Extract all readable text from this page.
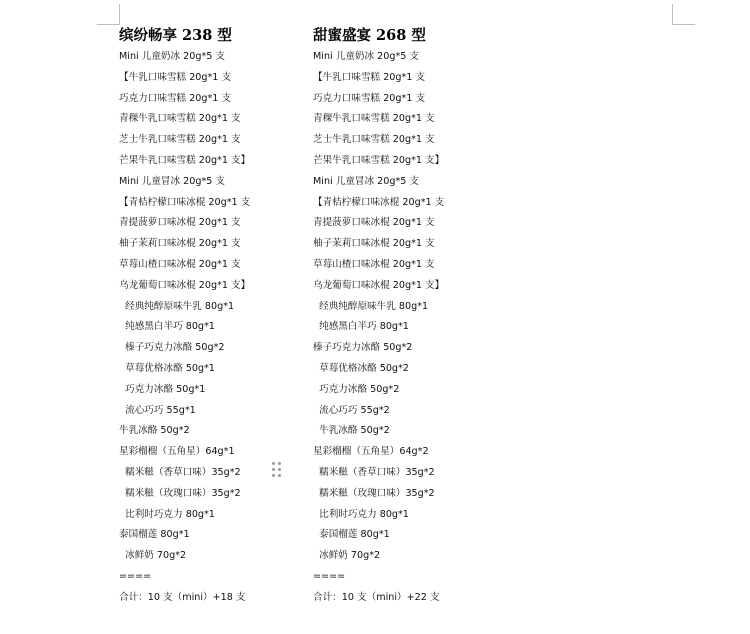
缤纷畅享 238 型
Mini 儿童奶冰 20g*5 支
【牛乳口味雪糕 20g*1 支
巧克力口味雪糕 20g*1 支
青稞牛乳口味雪糕 20g*1 支
芝士牛乳口味雪糕 20g*1 支
芒果牛乳口味雪糕 20g*1 支】
Mini 儿童冒冰 20g*5 支
【青桔柠檬口味冰棍 20g*1 支
青提菠萝口味冰棍 20g*1 支
柚子茉莉口味冰棍 20g*1 支
草莓山楂口味冰棍 20g*1 支
乌龙葡萄口味冰棍 20g*1 支】
经典纯醇原味牛乳 80g*1
纯感黑白半巧 80g*1
榛子巧克力冰酪 50g*2
草莓优格冰酪 50g*1
巧克力冰酪 50g*1
流心巧巧 55g*1
牛乳冰酪 50g*2
星彩榴榴（五角星）64g*1
糯米糍（香草口味）35g*2
糯米糍（玫瑰口味）35g*2
比利时巧克力 80g*1
泰国榴莲 80g*1
冰鲜奶 70g*2
====
合计：10 支（mini）+18 支
甜蜜盛宴 268 型
Mini 儿童奶冰 20g*5 支
【牛乳口味雪糕 20g*1 支
巧克力口味雪糕 20g*1 支
青稞牛乳口味雪糕 20g*1 支
芝士牛乳口味雪糕 20g*1 支
芒果牛乳口味雪糕 20g*1 支】
Mini 儿童冒冰 20g*5 支
【青桔柠檬口味冰棍 20g*1 支
青提菠萝口味冰棍 20g*1 支
柚子茉莉口味冰棍 20g*1 支
草莓山楂口味冰棍 20g*1 支
乌龙葡萄口味冰棍 20g*1 支】
经典纯醇原味牛乳 80g*1
纯感黑白半巧 80g*1
榛子巧克力冰酪 50g*2
草莓优格冰酪 50g*2
巧克力冰酪 50g*2
流心巧巧 55g*2
牛乳冰酪 50g*2
星彩榴榴（五角星）64g*2
糯米糍（香草口味）35g*2
糯米糍（玫瑰口味）35g*2
比利时巧克力 80g*1
泰国榴莲 80g*1
冰鲜奶 70g*2
====
合计：10 支（mini）+22 支
